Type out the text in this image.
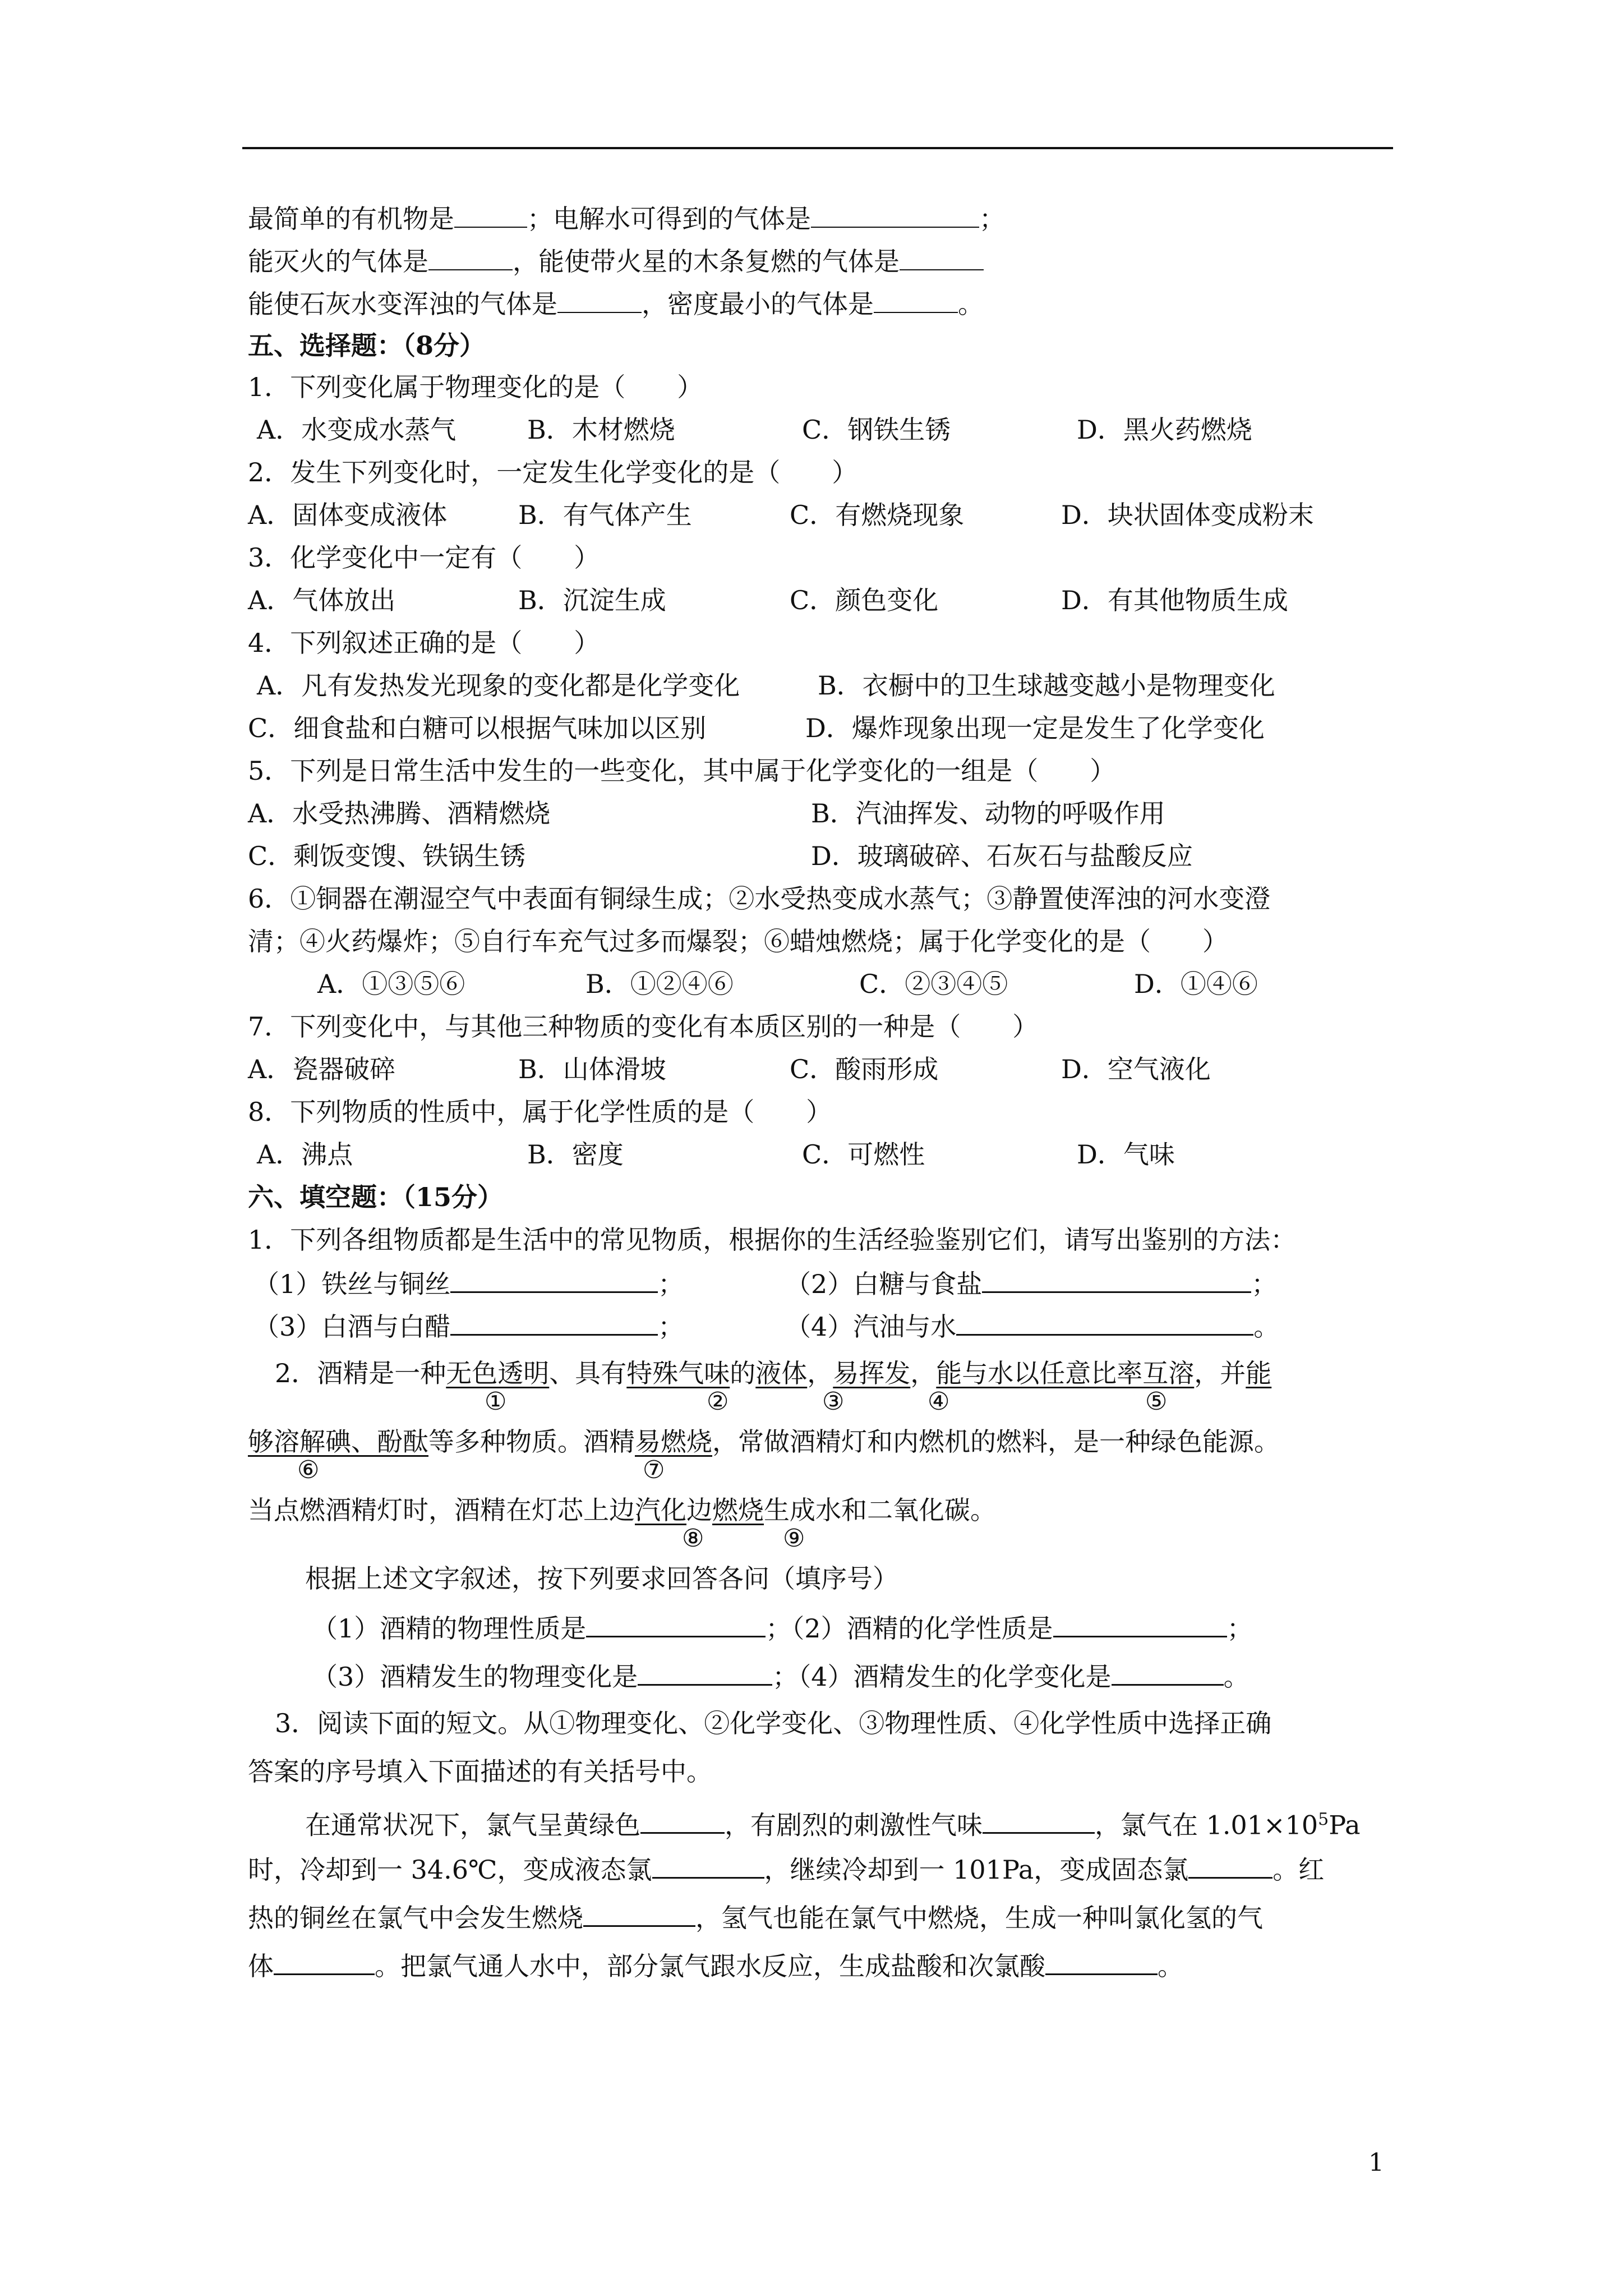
最简单的有机物是	；电解水可得到的气体是	；
能灭火的气体是	，能使带火星的木条复燃的气体是
能使石灰水变浑浊的气体是	，密度最小的气体是	。
五、选择题：（8分）
1．下列变化属于物理变化的是（　　）
A．水变成水蒸气	B．木材燃烧	C．钢铁生锈	D．黑火药燃烧
2．发生下列变化时，一定发生化学变化的是（　　）
A．固体变成液体	B．有气体产生	C．有燃烧现象	D．块状固体变成粉末
3．化学变化中一定有（　　）
A．气体放出	B．沉淀生成	C．颜色变化	D．有其他物质生成
4．下列叙述正确的是（　　）
A．凡有发热发光现象的变化都是化学变化	B．衣橱中的卫生球越变越小是物理变化
C．细食盐和白糖可以根据气味加以区别	D．爆炸现象出现一定是发生了化学变化
5．下列是日常生活中发生的一些变化，其中属于化学变化的一组是（　　）
A．水受热沸腾、酒精燃烧	B．汽油挥发、动物的呼吸作用
C．剩饭变馊、铁锅生锈	D．玻璃破碎、石灰石与盐酸反应
6．①铜器在潮湿空气中表面有铜绿生成；②水受热变成水蒸气；③静置使浑浊的河水变澄
清；④火药爆炸；⑤自行车充气过多而爆裂；⑥蜡烛燃烧；属于化学变化的是（　　）
A．①③⑤⑥	B．①②④⑥	C．②③④⑤	D．①④⑥
7．下列变化中，与其他三种物质的变化有本质区别的一种是（　　）
A．瓷器破碎	B．山体滑坡	C．酸雨形成	D．空气液化
8．下列物质的性质中，属于化学性质的是（　　）
A．沸点	B．密度	C．可燃性	D．气味
六、填空题：（15分）
1．下列各组物质都是生活中的常见物质，根据你的生活经验鉴别它们，请写出鉴别的方法：
（1）铁丝与铜丝	；	（2）白糖与食盐	；
（3）白酒与白醋	；	（4）汽油与水	。
2．酒精是一种无色透明、具有特殊气味的液体，易挥发，能与水以任意比率互溶，并能
①	②	③	④	⑤
够溶解碘、酚酞等多种物质。酒精易燃烧，常做酒精灯和内燃机的燃料，是一种绿色能源。
⑥	⑦
当点燃酒精灯时，酒精在灯芯上边汽化边燃烧生成水和二氧化碳。
⑧	⑨
根据上述文字叙述，按下列要求回答各问（填序号）
（1）酒精的物理性质是	；（2）酒精的化学性质是	；
（3）酒精发生的物理变化是	；（4）酒精发生的化学变化是	。
3．阅读下面的短文。从①物理变化、②化学变化、③物理性质、④化学性质中选择正确
答案的序号填入下面描述的有关括号中。
在通常状况下，氯气呈黄绿色	，有剧烈的刺激性气味	，氯气在 $1.01\times 10^5Pa$
时，冷却到一 34.6℃，变成液态氯	，继续冷却到一 101Pa，变成固态氯	。红
热的铜丝在氯气中会发生燃烧	，氢气也能在氯气中燃烧，生成一种叫氯化氢的气
体	。把氯气通人水中，部分氯气跟水反应，生成盐酸和次氯酸	。
1
